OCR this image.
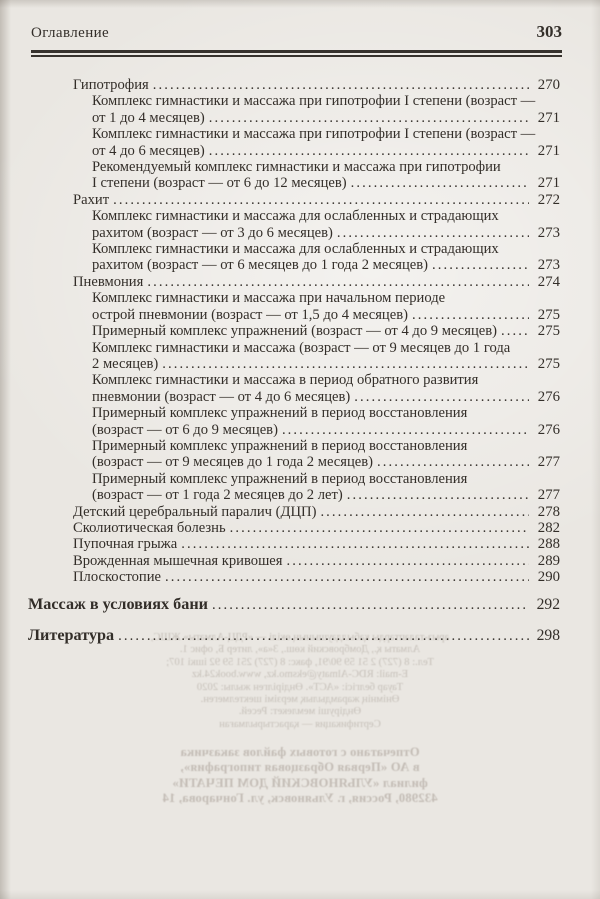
арыз-талаптарды қабылдаушының өкілі — «РДЦ-Алматы» ЖШС,
Алматы қ., Домбровский көш., 3«а», литер Б, офис 1.
Тел.: 8 (727) 2 51 59 90/91, факс: 8 (727) 251 59 92 ішкі 107;
E-mail: RDC-Almaty@eksmo.kz, www.book24.kz
Тауар белгісі: «АСТ». Өндірілген жылы: 2020
Өнімнің жарамдылық мерзімі шектелмеген.
Өндіруші мемлекет: Ресей.
Сертификация — қарастырылмаған
Отпечатано с готовых файлов заказчика
в АО «Первая Образцовая типография»,
филиал «УЛЬЯНОВСКИЙ ДОМ ПЕЧАТИ»
432980, Россия, г. Ульяновск, ул. Гончарова, 14
Оглавление	303
Гипотрофия .....	270
Комплекс гимнастики и массажа при гипотрофии I степени (возраст —
от 1 до 4 месяцев) .....	271
Комплекс гимнастики и массажа при гипотрофии I степени (возраст —
от 4 до 6 месяцев) .....	271
Рекомендуемый комплекс гимнастики и массажа при гипотрофии
I степени (возраст — от 6 до 12 месяцев) .....	271
Рахит .....	272
Комплекс гимнастики и массажа для ослабленных и страдающих
рахитом (возраст — от 3 до 6 месяцев) .....	273
Комплекс гимнастики и массажа для ослабленных и страдающих
рахитом (возраст — от 6 месяцев до 1 года 2 месяцев) .....	273
Пневмония .....	274
Комплекс гимнастики и массажа при начальном периоде
острой пневмонии (возраст — от 1,5 до 4 месяцев) .....	275
Примерный комплекс упражнений (возраст — от 4 до 9 месяцев) .....	275
Комплекс гимнастики и массажа (возраст — от 9 месяцев до 1 года
2 месяцев) .....	275
Комплекс гимнастики и массажа в период обратного развития
пневмонии (возраст — от 4 до 6 месяцев) .....	276
Примерный комплекс упражнений в период восстановления
(возраст — от 6 до 9 месяцев) .....	276
Примерный комплекс упражнений в период восстановления
(возраст — от 9 месяцев до 1 года 2 месяцев) .....	277
Примерный комплекс упражнений в период восстановления
(возраст — от 1 года 2 месяцев до 2 лет) .....	277
Детский церебральный паралич (ДЦП) .....	278
Сколиотическая болезнь .....	282
Пупочная грыжа .....	288
Врожденная мышечная кривошея .....	289
Плоскостопие .....	290
Массаж в условиях бани .....	292
Литература .....	298
